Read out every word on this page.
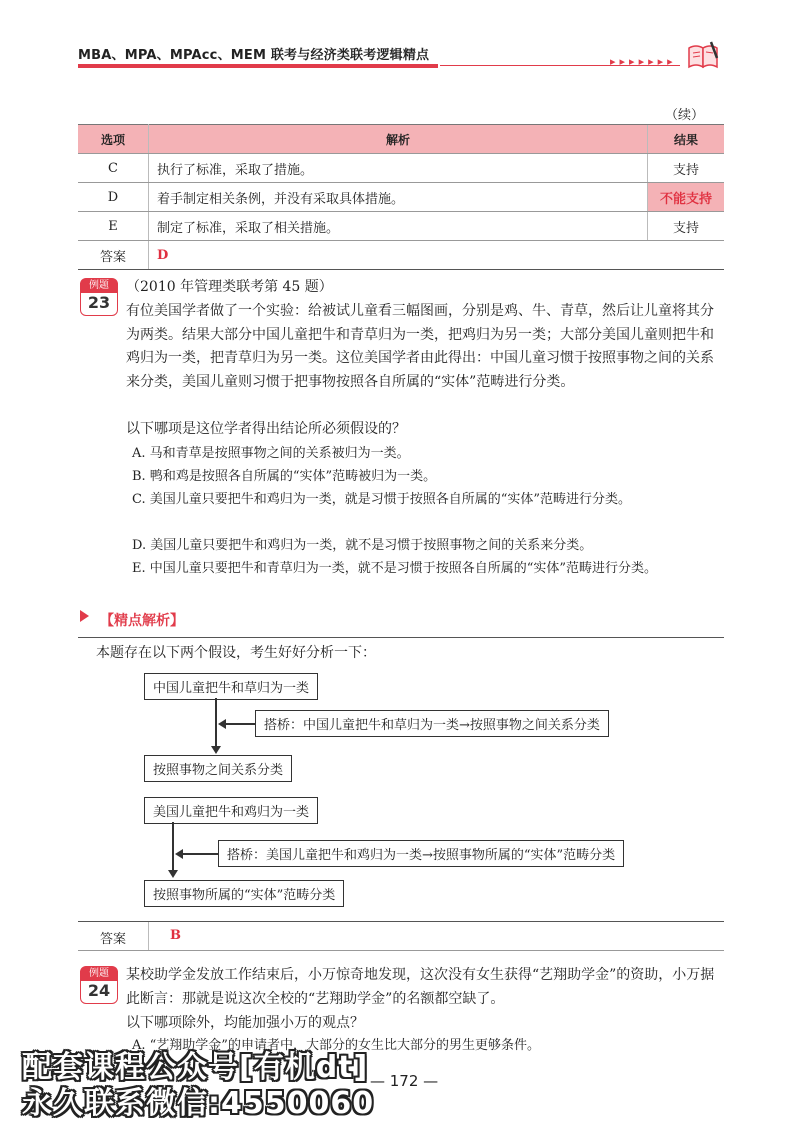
MBA、MPA、MPAcc、MEM 联考与经济类联考逻辑精点	▸▸▸▸▸▸▸
（续）
选项	解析	结果
C	执行了标准，采取了措施。	支持
D	着手制定相关条例，并没有采取具体措施。	不能支持
E	制定了标准，采取了相关措施。	支持
答案	D	
例题
23
（2010 年管理类联考第 45 题）
有位美国学者做了一个实验：给被试儿童看三幅图画，分别是鸡、牛、青草，然后让儿童将其分为两类。结果大部分中国儿童把牛和青草归为一类，把鸡归为另一类；大部分美国儿童则把牛和鸡归为一类，把青草归为另一类。这位美国学者由此得出：中国儿童习惯于按照事物之间的关系来分类，美国儿童则习惯于把事物按照各自所属的“实体”范畴进行分类。
以下哪项是这位学者得出结论所必须假设的？
A. 马和青草是按照事物之间的关系被归为一类。
B. 鸭和鸡是按照各自所属的“实体”范畴被归为一类。
C. 美国儿童只要把牛和鸡归为一类，就是习惯于按照各自所属的“实体”范畴进行分类。
D. 美国儿童只要把牛和鸡归为一类，就不是习惯于按照事物之间的关系来分类。
E. 中国儿童只要把牛和青草归为一类，就不是习惯于按照各自所属的“实体”范畴进行分类。
【精点解析】
本题存在以下两个假设，考生好好分析一下：
中国儿童把牛和草归为一类
搭桥：中国儿童把牛和草归为一类→按照事物之间关系分类
按照事物之间关系分类
美国儿童把牛和鸡归为一类
搭桥：美国儿童把牛和鸡归为一类→按照事物所属的“实体”范畴分类
按照事物所属的“实体”范畴分类
答案	B
例题
24
某校助学金发放工作结束后，小万惊奇地发现，这次没有女生获得“艺翔助学金”的资助，小万据此断言：那就是说这次全校的“艺翔助学金”的名额都空缺了。
以下哪项除外，均能加强小万的观点？
A. “艺翔助学金”的申请者中，大部分的女生比大部分的男生更够条件。
— 172 —
配套课程公众号[有机dt]
永久联系微信:4550060
